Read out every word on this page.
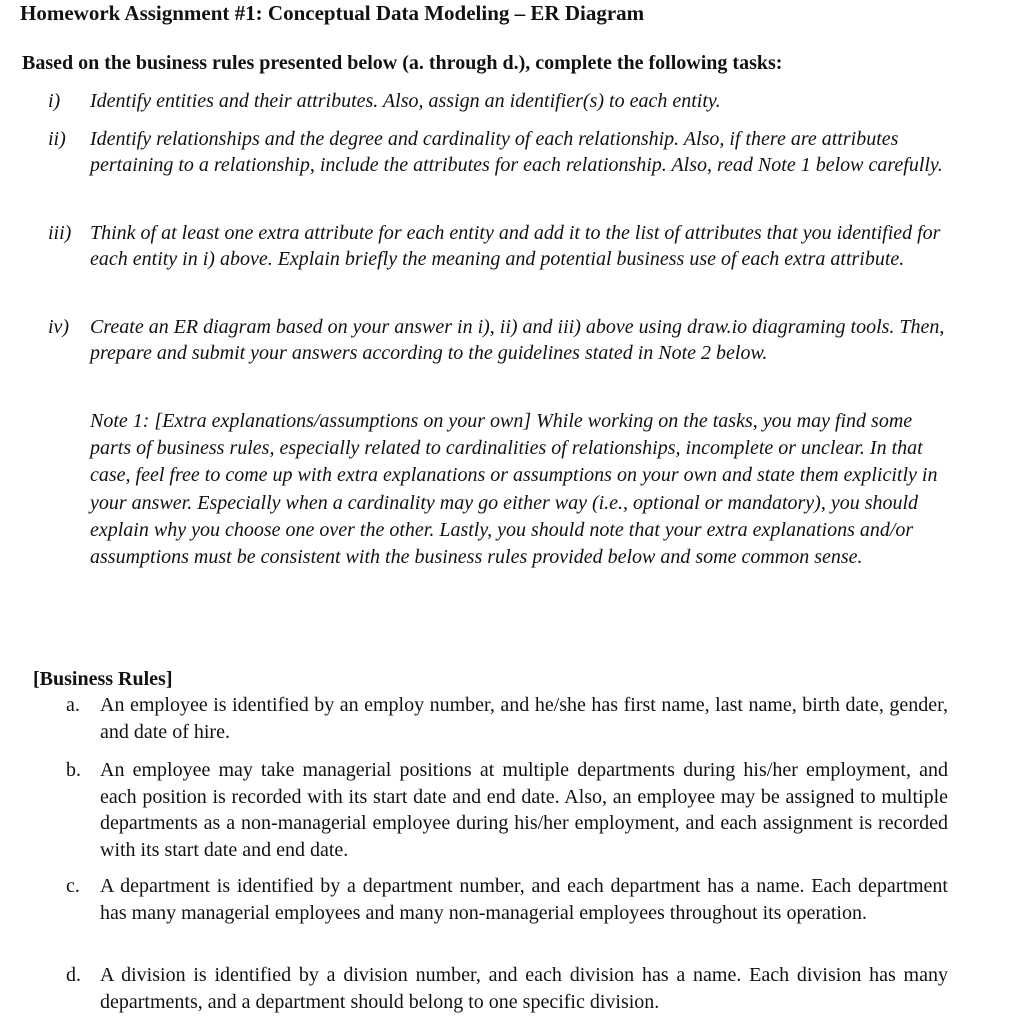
Homework Assignment #1: Conceptual Data Modeling – ER Diagram
Based on the business rules presented below (a. through d.), complete the following tasks:
i)	Identify entities and their attributes. Also, assign an identifier(s) to each entity.
ii)	Identify relationships and the degree and cardinality of each relationship. Also, if there are attributes pertaining to a relationship, include the attributes for each relationship. Also, read Note 1 below carefully.
iii) Think of at least one extra attribute for each entity and add it to the list of attributes that you identified for each entity in i) above. Explain briefly the meaning and potential business use of each extra attribute.
iv)	Create an ER diagram based on your answer in i), ii) and iii) above using draw.io diagraming tools. Then, prepare and submit your answers according to the guidelines stated in Note 2 below.
Note 1: [Extra explanations/assumptions on your own] While working on the tasks, you may find some parts of business rules, especially related to cardinalities of relationships, incomplete or unclear. In that case, feel free to come up with extra explanations or assumptions on your own and state them explicitly in your answer. Especially when a cardinality may go either way (i.e., optional or mandatory), you should explain why you choose one over the other. Lastly, you should note that your extra explanations and/or assumptions must be consistent with the business rules provided below and some common sense.
[Business Rules]
a.	An employee is identified by an employ number, and he/she has first name, last name, birth date, gender, and date of hire.
b. An employee may take managerial positions at multiple departments during his/her employment, and each position is recorded with its start date and end date. Also, an employee may be assigned to multiple departments as a non-managerial employee during his/her employment, and each assignment is recorded with its start date and end date.
c.	A department is identified by a department number, and each department has a name. Each department has many managerial employees and many non-managerial employees throughout its operation.
d. A division is identified by a division number, and each division has a name. Each division has many departments, and a department should belong to one specific division.
